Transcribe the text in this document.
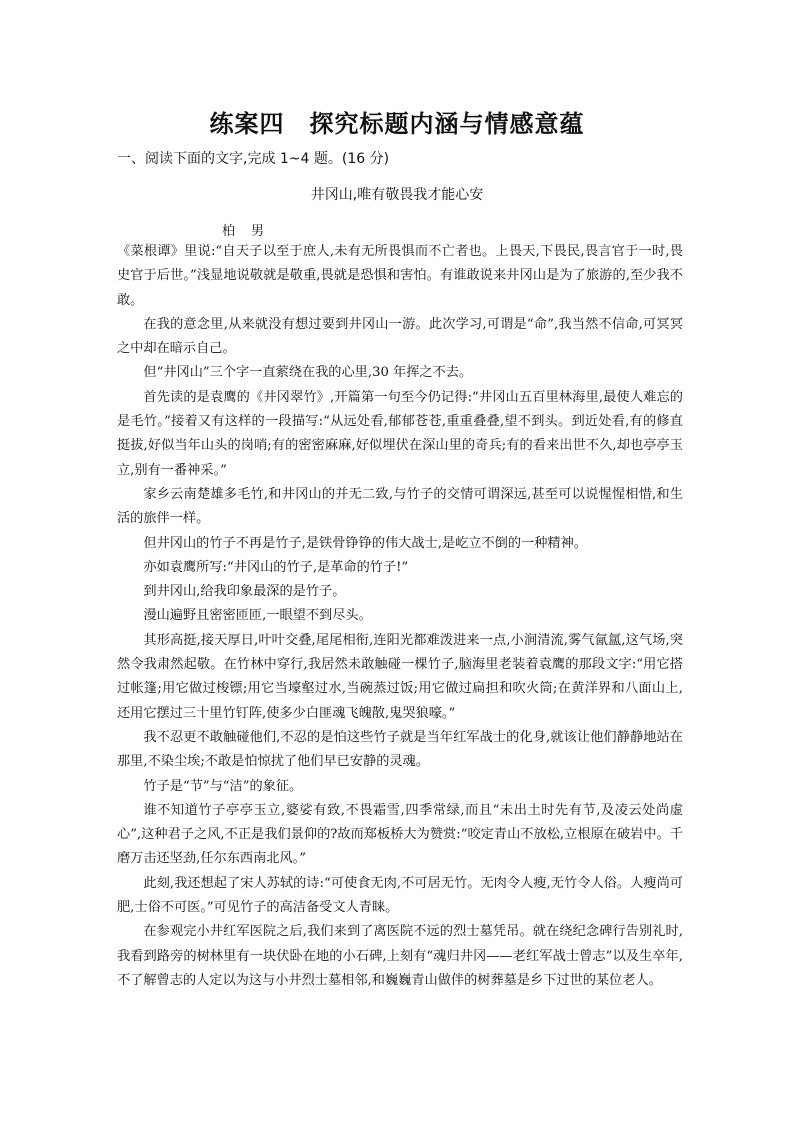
练案四　探究标题内涵与情感意蕴
一、阅读下面的文字,完成 1~4 题。(16 分)
井冈山,唯有敬畏我才能心安
柏男

《菜根谭》里说:“自天子以至于庶人,未有无所畏惧而不亡者也。上畏天,下畏民,畏言官于一时,畏史官于后世。”浅显地说敬就是敬重,畏就是恐惧和害怕。有谁敢说来井冈山是为了旅游的,至少我不敢。

在我的意念里,从来就没有想过要到井冈山一游。此次学习,可谓是“命”,我当然不信命,可冥冥之中却在暗示自己。

但“井冈山”三个字一直萦绕在我的心里,30 年挥之不去。

首先读的是袁鹰的《井冈翠竹》,开篇第一句至今仍记得:“井冈山五百里林海里,最使人难忘的是毛竹。”接着又有这样的一段描写:“从远处看,郁郁苍苍,重重叠叠,望不到头。到近处看,有的修直挺拔,好似当年山头的岗哨;有的密密麻麻,好似埋伏在深山里的奇兵;有的看来出世不久,却也亭亭玉立,别有一番神采。”

家乡云南楚雄多毛竹,和井冈山的并无二致,与竹子的交情可谓深远,甚至可以说惺惺相惜,和生活的旅伴一样。

但井冈山的竹子不再是竹子,是铁骨铮铮的伟大战士,是屹立不倒的一种精神。

亦如袁鹰所写:“井冈山的竹子,是革命的竹子!”

到井冈山,给我印象最深的是竹子。

漫山遍野且密密匝匝,一眼望不到尽头。

其形高挺,接天厚日,叶叶交叠,尾尾相衔,连阳光都难泼进来一点,小涧清流,雾气氤氲,这气场,突然令我肃然起敬。在竹林中穿行,我居然未敢触碰一棵竹子,脑海里老装着袁鹰的那段文字:“用它搭过帐篷;用它做过梭镖;用它当壕壑过水,当碗蒸过饭;用它做过扁担和吹火筒;在黄洋界和八面山上,还用它摆过三十里竹钉阵,使多少白匪魂飞魄散,鬼哭狼嚎。”

我不忍更不敢触碰他们,不忍的是怕这些竹子就是当年红军战士的化身,就该让他们静静地站在那里,不染尘埃;不敢是怕惊扰了他们早已安静的灵魂。

竹子是“节”与“洁”的象征。

谁不知道竹子亭亭玉立,婆娑有致,不畏霜雪,四季常绿,而且“未出土时先有节,及凌云处尚虚心”,这种君子之风,不正是我们景仰的?故而郑板桥大为赞赏:“咬定青山不放松,立根原在破岩中。千磨万击还坚劲,任尔东西南北风。”

此刻,我还想起了宋人苏轼的诗:“可使食无肉,不可居无竹。无肉令人瘦,无竹令人俗。人瘦尚可肥,士俗不可医。”可见竹子的高洁备受文人青睐。

在参观完小井红军医院之后,我们来到了离医院不远的烈士墓凭吊。就在绕纪念碑行告别礼时,我看到路旁的树林里有一块伏卧在地的小石碑,上刻有“魂归井冈——老红军战士曾志”以及生卒年,不了解曾志的人定以为这与小井烈士墓相邻,和巍巍青山做伴的树葬墓是乡下过世的某位老人。
